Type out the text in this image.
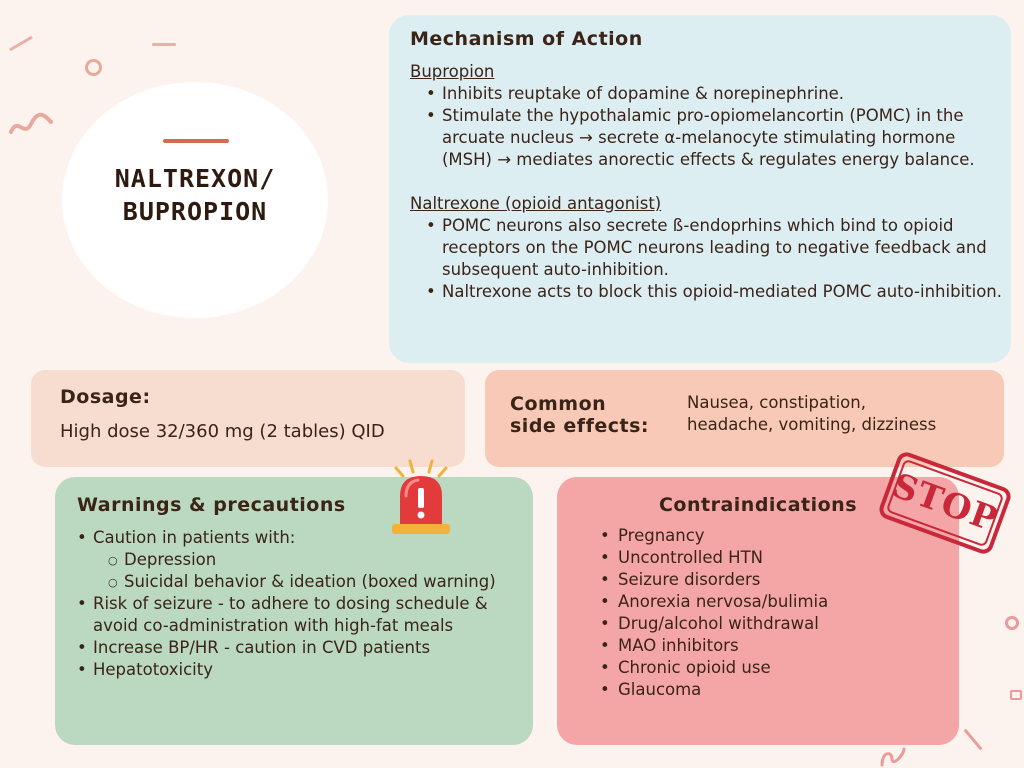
NALTREXON/
BUPROPION
Mechanism of Action
Bupropion
• Inhibits reuptake of dopamine & norepinephrine.
• Stimulate the hypothalamic pro-opiomelancortin (POMC) in the arcuate nucleus → secrete α-melanocyte stimulating hormone (MSH) → mediates anorectic effects & regulates energy balance.
Naltrexone (opioid antagonist)
• POMC neurons also secrete ß-endoprhins which bind to opioid receptors on the POMC neurons leading to negative feedback and subsequent auto-inhibition.
• Naltrexone acts to block this opioid-mediated POMC auto-inhibition.
Dosage:
High dose 32/360 mg (2 tables) QID
Common
side effects:
Nausea, constipation,
headache, vomiting, dizziness
Warnings & precautions
• Caution in patients with:
○ Depression
○ Suicidal behavior & ideation (boxed warning)
• Risk of seizure - to adhere to dosing schedule & avoid co-administration with high-fat meals
• Increase BP/HR - caution in CVD patients
• Hepatotoxicity
Contraindications
• Pregnancy
• Uncontrolled HTN
• Seizure disorders
• Anorexia nervosa/bulimia
• Drug/alcohol withdrawal
• MAO inhibitors
• Chronic opioid use
• Glaucoma
STOP
